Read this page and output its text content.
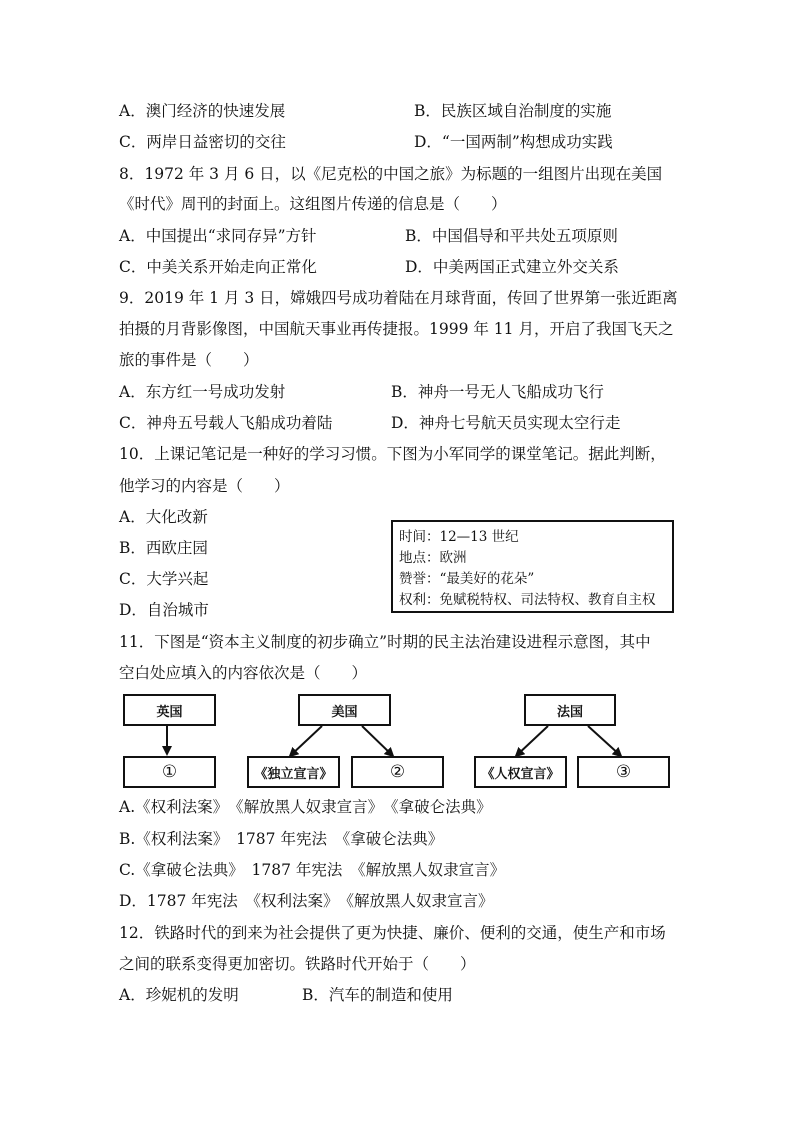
A．澳门经济的快速发展	B．民族区域自治制度的实施
C．两岸日益密切的交往	D．“一国两制”构想成功实践
8．1972 年 3 月 6 日，以《尼克松的中国之旅》为标题的一组图片出现在美国
《时代》周刊的封面上。这组图片传递的信息是（　　）
A．中国提出“求同存异”方针	B．中国倡导和平共处五项原则
C．中美关系开始走向正常化	D．中美两国正式建立外交关系
9．2019 年 1 月 3 日，嫦娥四号成功着陆在月球背面，传回了世界第一张近距离
拍摄的月背影像图，中国航天事业再传捷报。1999 年 11 月，开启了我国飞天之
旅的事件是（　　）
A．东方红一号成功发射	B．神舟一号无人飞船成功飞行
C．神舟五号载人飞船成功着陆	D．神舟七号航天员实现太空行走
10．上课记笔记是一种好的学习习惯。下图为小军同学的课堂笔记。据此判断，
他学习的内容是（　　）
A．大化改新
B．西欧庄园
C．大学兴起
D．自治城市
时间：12—13 世纪
地点：欧洲
赞誉：“最美好的花朵”
权利：免赋税特权、司法特权、教育自主权
11．下图是“资本主义制度的初步确立”时期的民主法治建设进程示意图，其中
空白处应填入的内容依次是（　　）
英国	美国	法国
①	《独立宣言》	②	《人权宣言》	③
A.《权利法案》　《解放黑人奴隶宣言》　《拿破仑法典》
B.《权利法案》　1787 年宪法　《拿破仑法典》
C.《拿破仑法典》　1787 年宪法　《解放黑人奴隶宣言》
D．1787 年宪法　《权利法案》　《解放黑人奴隶宣言》
12．铁路时代的到来为社会提供了更为快捷、廉价、便利的交通，使生产和市场
之间的联系变得更加密切。铁路时代开始于（　　）
A．珍妮机的发明	B．汽车的制造和使用
